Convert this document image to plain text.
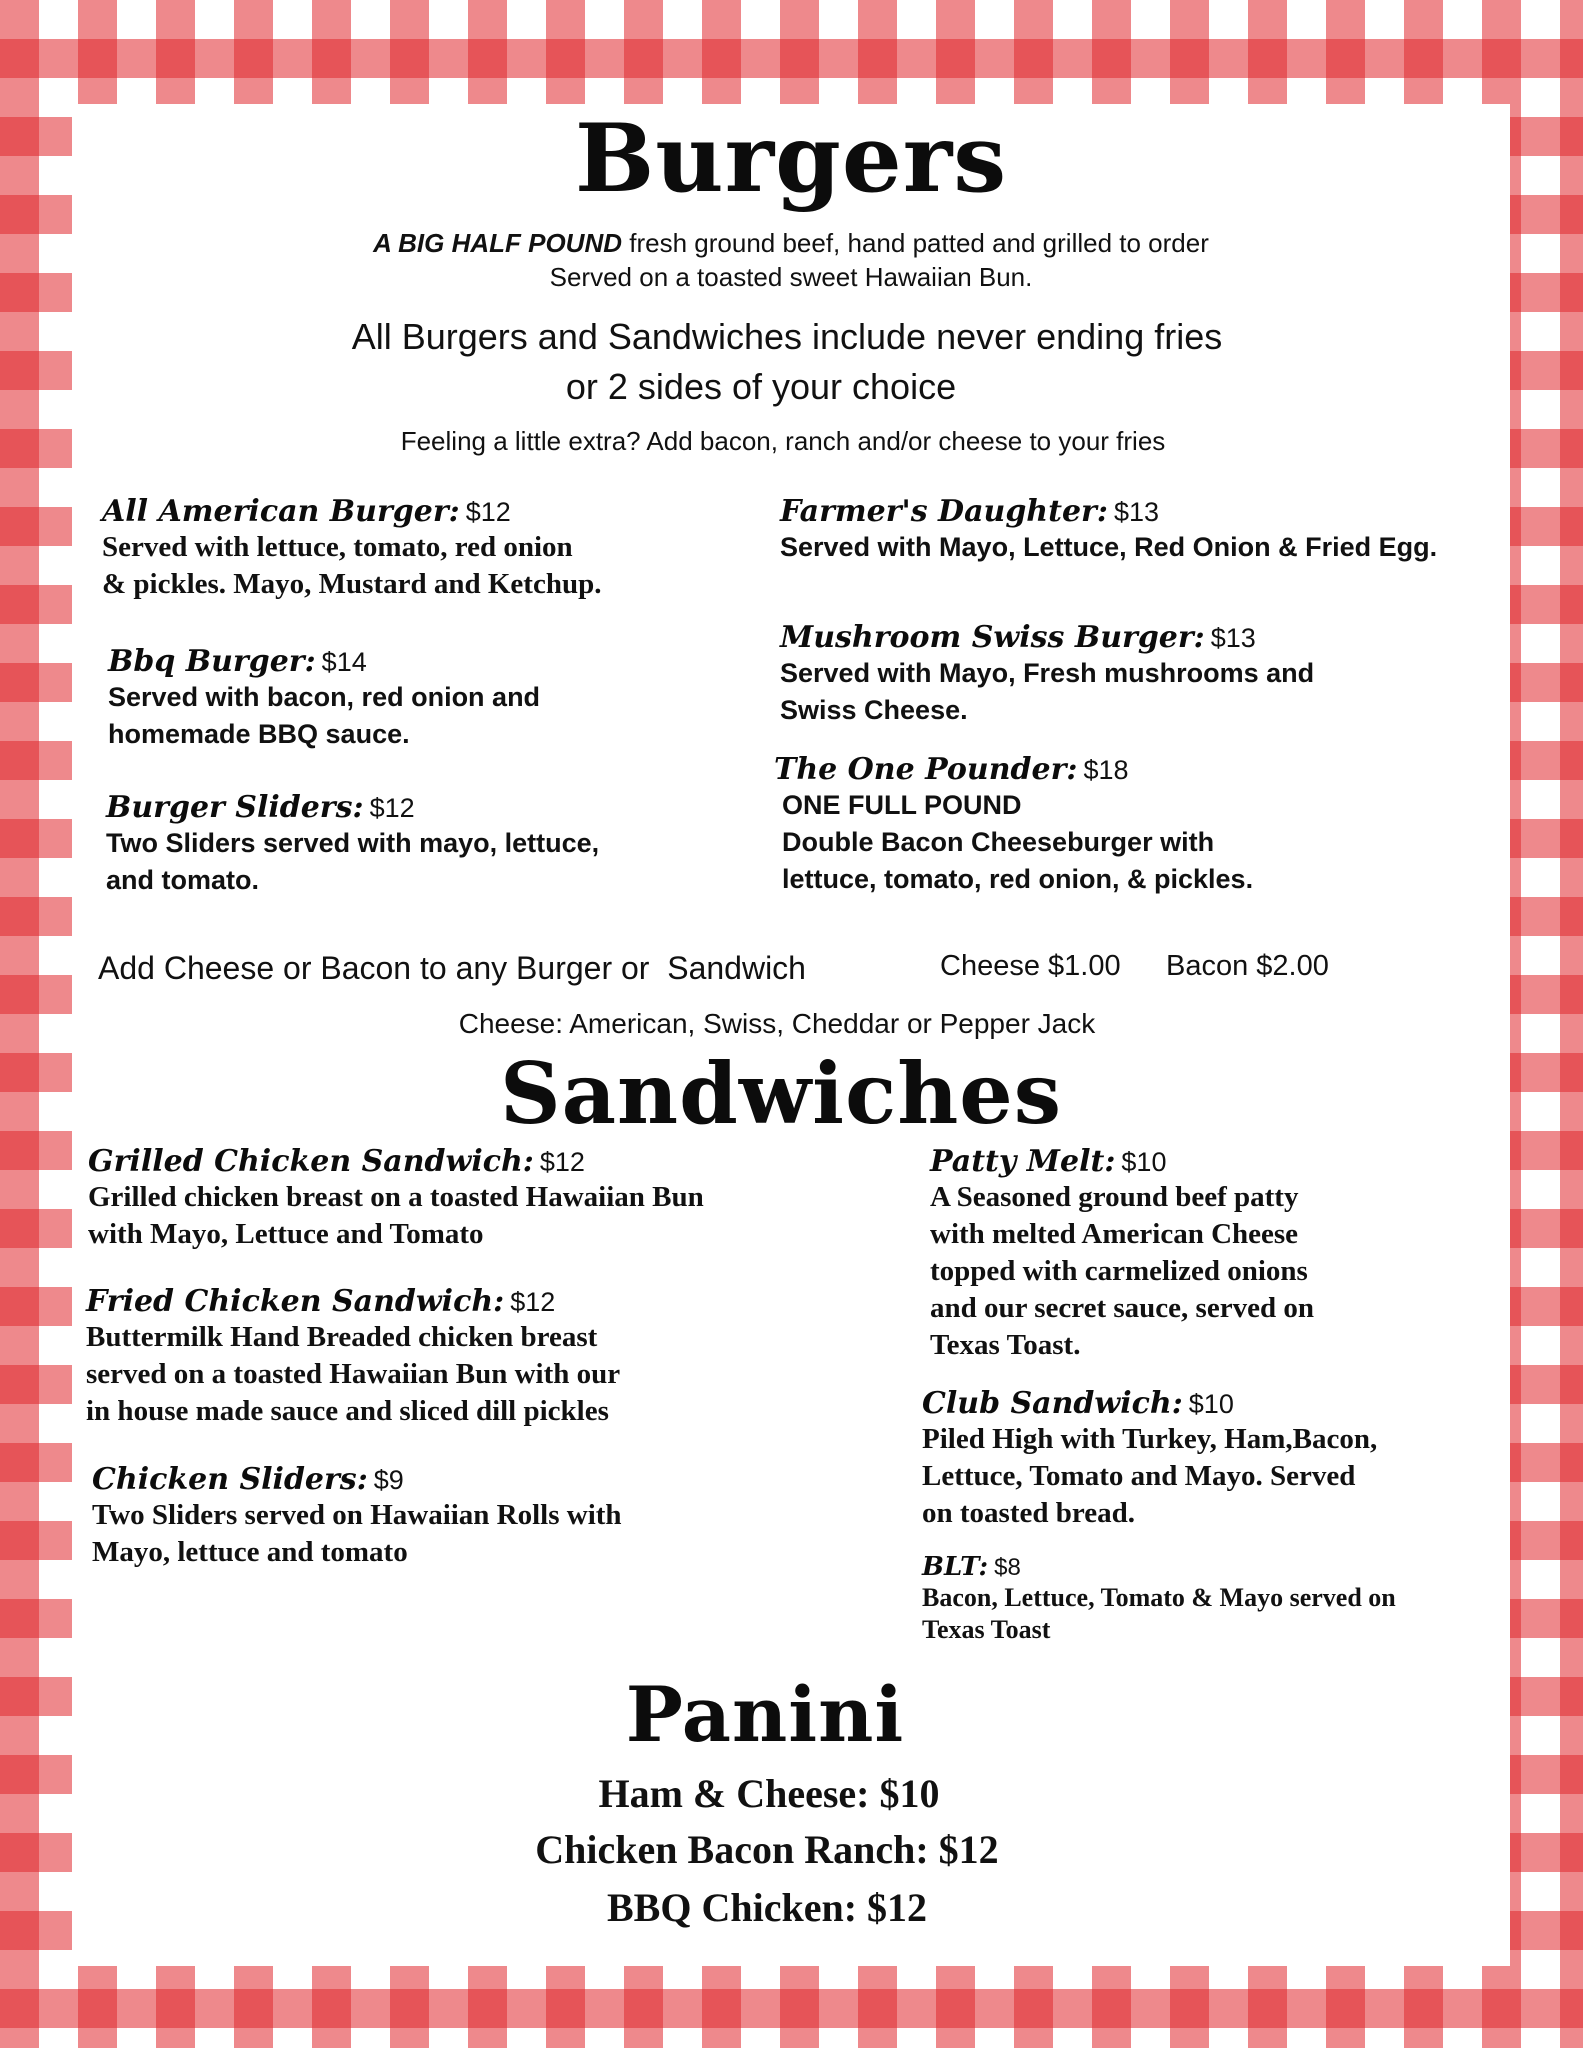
Burgers
A BIG HALF POUND fresh ground beef, hand patted and grilled to order
Served on a toasted sweet Hawaiian Bun.
All Burgers and Sandwiches include never ending fries
or 2 sides of your choice
Feeling a little extra? Add bacon, ranch and/or cheese to your fries
All American Burger: $12
Served with lettuce, tomato, red onion
& pickles. Mayo, Mustard and Ketchup.
Bbq Burger: $14
Served with bacon, red onion and
homemade BBQ sauce.
Burger Sliders: $12
Two Sliders served with mayo, lettuce,
and tomato.
Farmer's Daughter: $13
Served with Mayo, Lettuce, Red Onion & Fried Egg.
Mushroom Swiss Burger: $13
Served with Mayo, Fresh mushrooms and
Swiss Cheese.
The One Pounder: $18
ONE FULL POUND
Double Bacon Cheeseburger with
lettuce, tomato, red onion, & pickles.
Add Cheese or Bacon to any Burger or  Sandwich	Cheese $1.00 Bacon $2.00
Cheese: American, Swiss, Cheddar or Pepper Jack
Sandwiches
Grilled Chicken Sandwich: $12
Grilled chicken breast on a toasted Hawaiian Bun
with Mayo, Lettuce and Tomato
Fried Chicken Sandwich: $12
Buttermilk Hand Breaded chicken breast
served on a toasted Hawaiian Bun with our
in house made sauce and sliced dill pickles
Chicken Sliders: $9
Two Sliders served on Hawaiian Rolls with
Mayo, lettuce and tomato
Patty Melt: $10
A Seasoned ground beef patty
with melted American Cheese
topped with carmelized onions
and our secret sauce, served on
Texas Toast.
Club Sandwich: $10
Piled High with Turkey, Ham,Bacon,
Lettuce, Tomato and Mayo. Served
on toasted bread.
BLT: $8
Bacon, Lettuce, Tomato & Mayo served on
Texas Toast
Panini
Ham & Cheese: $10
Chicken Bacon Ranch: $12
BBQ Chicken: $12
